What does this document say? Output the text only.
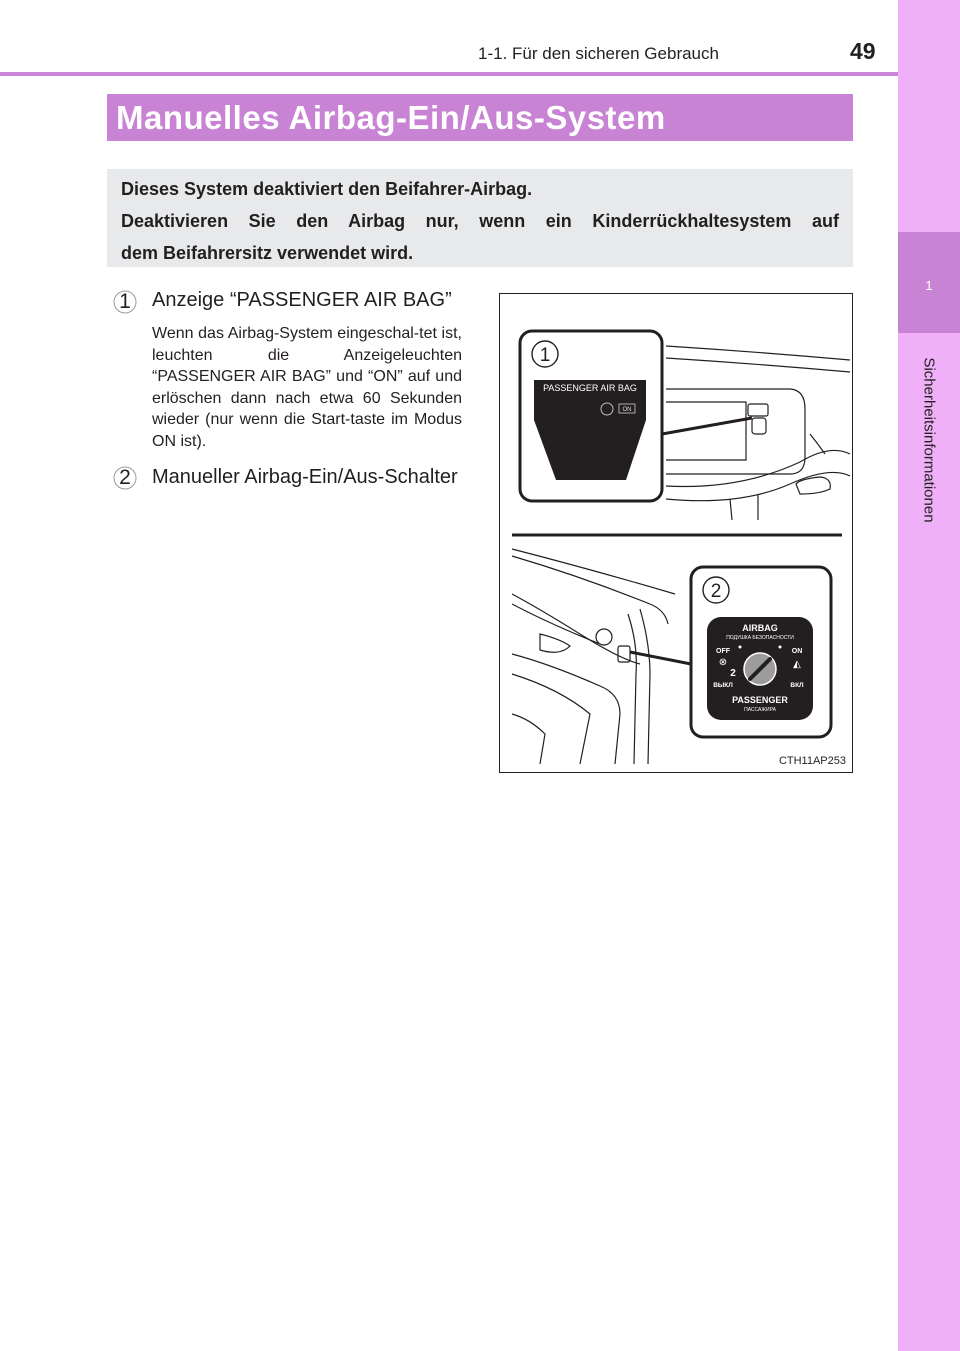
1-1. Für den sicheren Gebrauch	49
1
Sicherheitsinformationen
Manuelles Airbag-Ein/Aus-System

Dieses System deaktiviert den Beifahrer-Airbag.

Deaktivieren Sie den Airbag nur, wenn ein Kinderrückhaltesystem auf

dem Beifahrersitz verwendet wird.

1	Anzeige “PASSENGER AIR BAG”
Wenn das Airbag-System eingeschal-tet ist, leuchten die Anzeigeleuchten “PASSENGER AIR BAG” und “ON” auf und erlöschen dann nach etwa 60 Sekunden wieder (nur wenn die Start-taste im Modus ON ist).
2	Manueller Airbag-Ein/Aus-Schalter
1
PASSENGER AIR BAG
ON
2
AIRBAG
ПОДУШКА БЕЗОПАСНОСТИ
OFF	ON
⊗
2
◭
ВЫКЛ	ВКЛ
PASSENGER
ПАССАЖИРА
CTH11AP253
